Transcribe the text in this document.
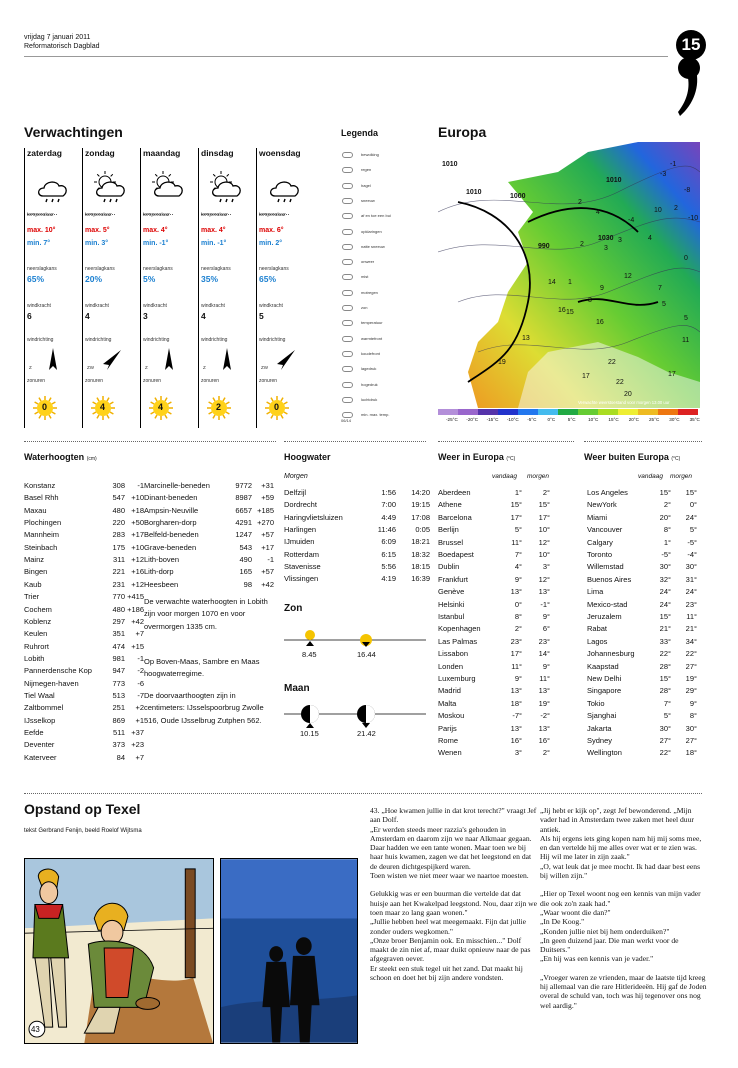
vrijdag 7 januari 2011
Reformatorisch Dagblad	15
Verwachtingen
zaterdag
temperatuur
max. 10°
min. 7°
neerslagkans
65%
windkracht
6
windrichting
Z
zonuren
0
zondag
temperatuur
max. 5°
min. 3°
neerslagkans
20%
windkracht
4
windrichting
ZW
zonuren
4
maandag
temperatuur
max. 4°
min. -1°
neerslagkans
5%
windkracht
3
windrichting
Z
zonuren
4
dinsdag
temperatuur
max. 4°
min. -1°
neerslagkans
35%
windkracht
4
windrichting
Z
zonuren
2
woensdag
temperatuur
max. 6°
min. 2°
neerslagkans
65%
windkracht
5
windrichting
ZW
zonuren
0
Legenda
bewolking
regen
hagel
sneeuw
af en toe een bui
opklaringen
natte sneeuw
onweer
mist
motregen
zon
temperatuur
warmtefront
koudefront
lagedruk
hogedruk
luchtdruk
min. max. temp.
06/14
Europa
1010
1000
1010
990
1030
1010
-3
-1
-8
-10
2
0
3
4
2
3
-4
4
1
3
14
9
12
7
16
5
13
15
16
5
11
17
19	22
22
20
17
2
10
Verwachte weerstoestand voor morgen 13.00 uur
-25°C -20°C -15°C -10°C -5°C 0°C	5°C	10°C 15°C 20°C 25°C 30°C 35°C
Waterhoogten (cm)
Konstanz	308	-1
Basel Rhh	547 +10
Maxau	480 +18
Plochingen	220 +50
Mannheim	283 +17
Steinbach	175 +10
Mainz	311 +12
Bingen	221 +16
Kaub	231 +12
Trier	770 +415
Cochem	480 +186
Koblenz	297 +42
Keulen	351	+7
Ruhrort	474 +15
Lobith	981	-1
Pannerdensche Kop	947	-2
Nijmegen-haven	773	-6
Tiel Waal	513	-7
Zaltbommel	251	+2
IJsselkop	869	+1
Eefde	511 +37
Deventer	373 +23
Katerveer	84	+7
Marcinelle-beneden	9772	+31
Dinant-beneden	8987	+59
Ampsin-Neuville	6657 +185
Borgharen-dorp	4291 +270
Belfeld-beneden	1247	+57
Grave-beneden	543	+17
Lith-boven	490	-1
Lith-dorp	165	+57
Heesbeen	98	+42
De verwachte waterhoogten in Lobith zijn voor morgen 1070 en voor overmorgen 1335 cm.
Op Boven-Maas, Sambre en Maas hoogwaterregime.
De doorvaarthoogten zijn in centimeters: IJsselspoorbrug Zwolle 516, Oude IJsselbrug Zutphen 562.
Hoogwater
Morgen
Delfzijl	1:56	14:20
Dordrecht	7:00	19:15
Haringvlietsluizen	4:49	17:08
Harlingen	11:46	0:05
IJmuiden	6:09	18:21
Rotterdam	6:15	18:32
Stavenisse	5:56	18:15
Vlissingen	4:19	16:39
Zon
8.45	16.44
Maan
10.15	21.42
Weer in Europa (°C)
vandaag morgen
Aberdeen	1°	2°
Athene	15°	15°
Barcelona	17°	17°
Berlijn	5°	10°
Brussel	11°	12°
Boedapest	7°	10°
Dublin	4°	3°
Frankfurt	9°	12°
Genève	13°	13°
Helsinki	0°	-1°
Istanbul	8°	9°
Kopenhagen	2°	6°
Las Palmas	23°	23°
Lissabon	17°	14°
Londen	11°	9°
Luxemburg	9°	11°
Madrid	13°	13°
Malta	18°	19°
Moskou	-7°	-2°
Parijs	13°	13°
Rome	16°	16°
Wenen	3°	2°
Weer buiten Europa (°C)
vandaag morgen
Los Angeles	15°	15°
NewYork	2°	0°
Miami	20°	24°
Vancouver	8°	5°
Calgary	1°	-5°
Toronto	-5°	-4°
Willemstad	30°	30°
Buenos Aires	32°	31°
Lima	24°	24°
Mexico-stad	24°	23°
Jeruzalem	15°	11°
Rabat	21°	21°
Lagos	33°	34°
Johannesburg	22°	22°
Kaapstad	28°	27°
New Delhi	15°	19°
Singapore	28°	29°
Tokio	7°	9°
Sjanghai	5°	8°
Jakarta	30°	30°
Sydney	27°	27°
Wellington	22°	18°
Opstand op Texel
tekst Gerbrand Fenijn, beeld Roelof Wijtsma
43

43. „Hoe kwamen jullie in dat krot terecht?" vraagt Jef aan Dolf.

„Er werden steeds meer razzia's gehouden in Amsterdam en daarom zijn we naar Alkmaar gegaan.

Daar hadden we een tante wonen. Maar toen we bij haar huis kwamen, zagen we dat het leegstond en dat de deuren dichtgespijkerd waren.

Toen wisten we niet meer waar we naartoe moesten.

Gelukkig was er een buurman die vertelde dat dat huisje aan het Kwakelpad leegstond. Nou, daar zijn we toen maar zo lang gaan wonen."

„Jullie hebben heel wat meegemaakt. Fijn dat jullie zonder ouders wegkomen."

„Onze broer Benjamin ook. En misschien..." Dolf maakt de zin niet af, maar duikt opnieuw naar de pas afgegraven oever.

Er steekt een stuk tegel uit het zand. Dat maakt hij schoon en doet het bij zijn andere vondsten.

„Jij hebt er kijk op", zegt Jef bewonderend. „Mijn vader had in Amsterdam twee zaken met heel duur antiek.

Als hij ergens iets ging kopen nam hij mij soms mee, en dan vertelde hij me alles over wat er te zien was. Hij wil me later in zijn zaak."

„O, wat leuk dat je mee mocht. Ik had daar best eens bij willen zijn."

„Hier op Texel woont nog een kennis van mijn vader die ook zo'n zaak had."

„Waar woont die dan?"

„In De Koog."

„Konden jullie niet bij hem onderduiken?"

„In geen duizend jaar. Die man werkt voor de Duitsers."

„En hij was een kennis van je vader."

„Vroeger waren ze vrienden, maar de laatste tijd kreeg hij allemaal van die rare Hitlerideeën. Hij gaf de Joden overal de schuld van, toch was hij tegenover ons nog wel aardig."
